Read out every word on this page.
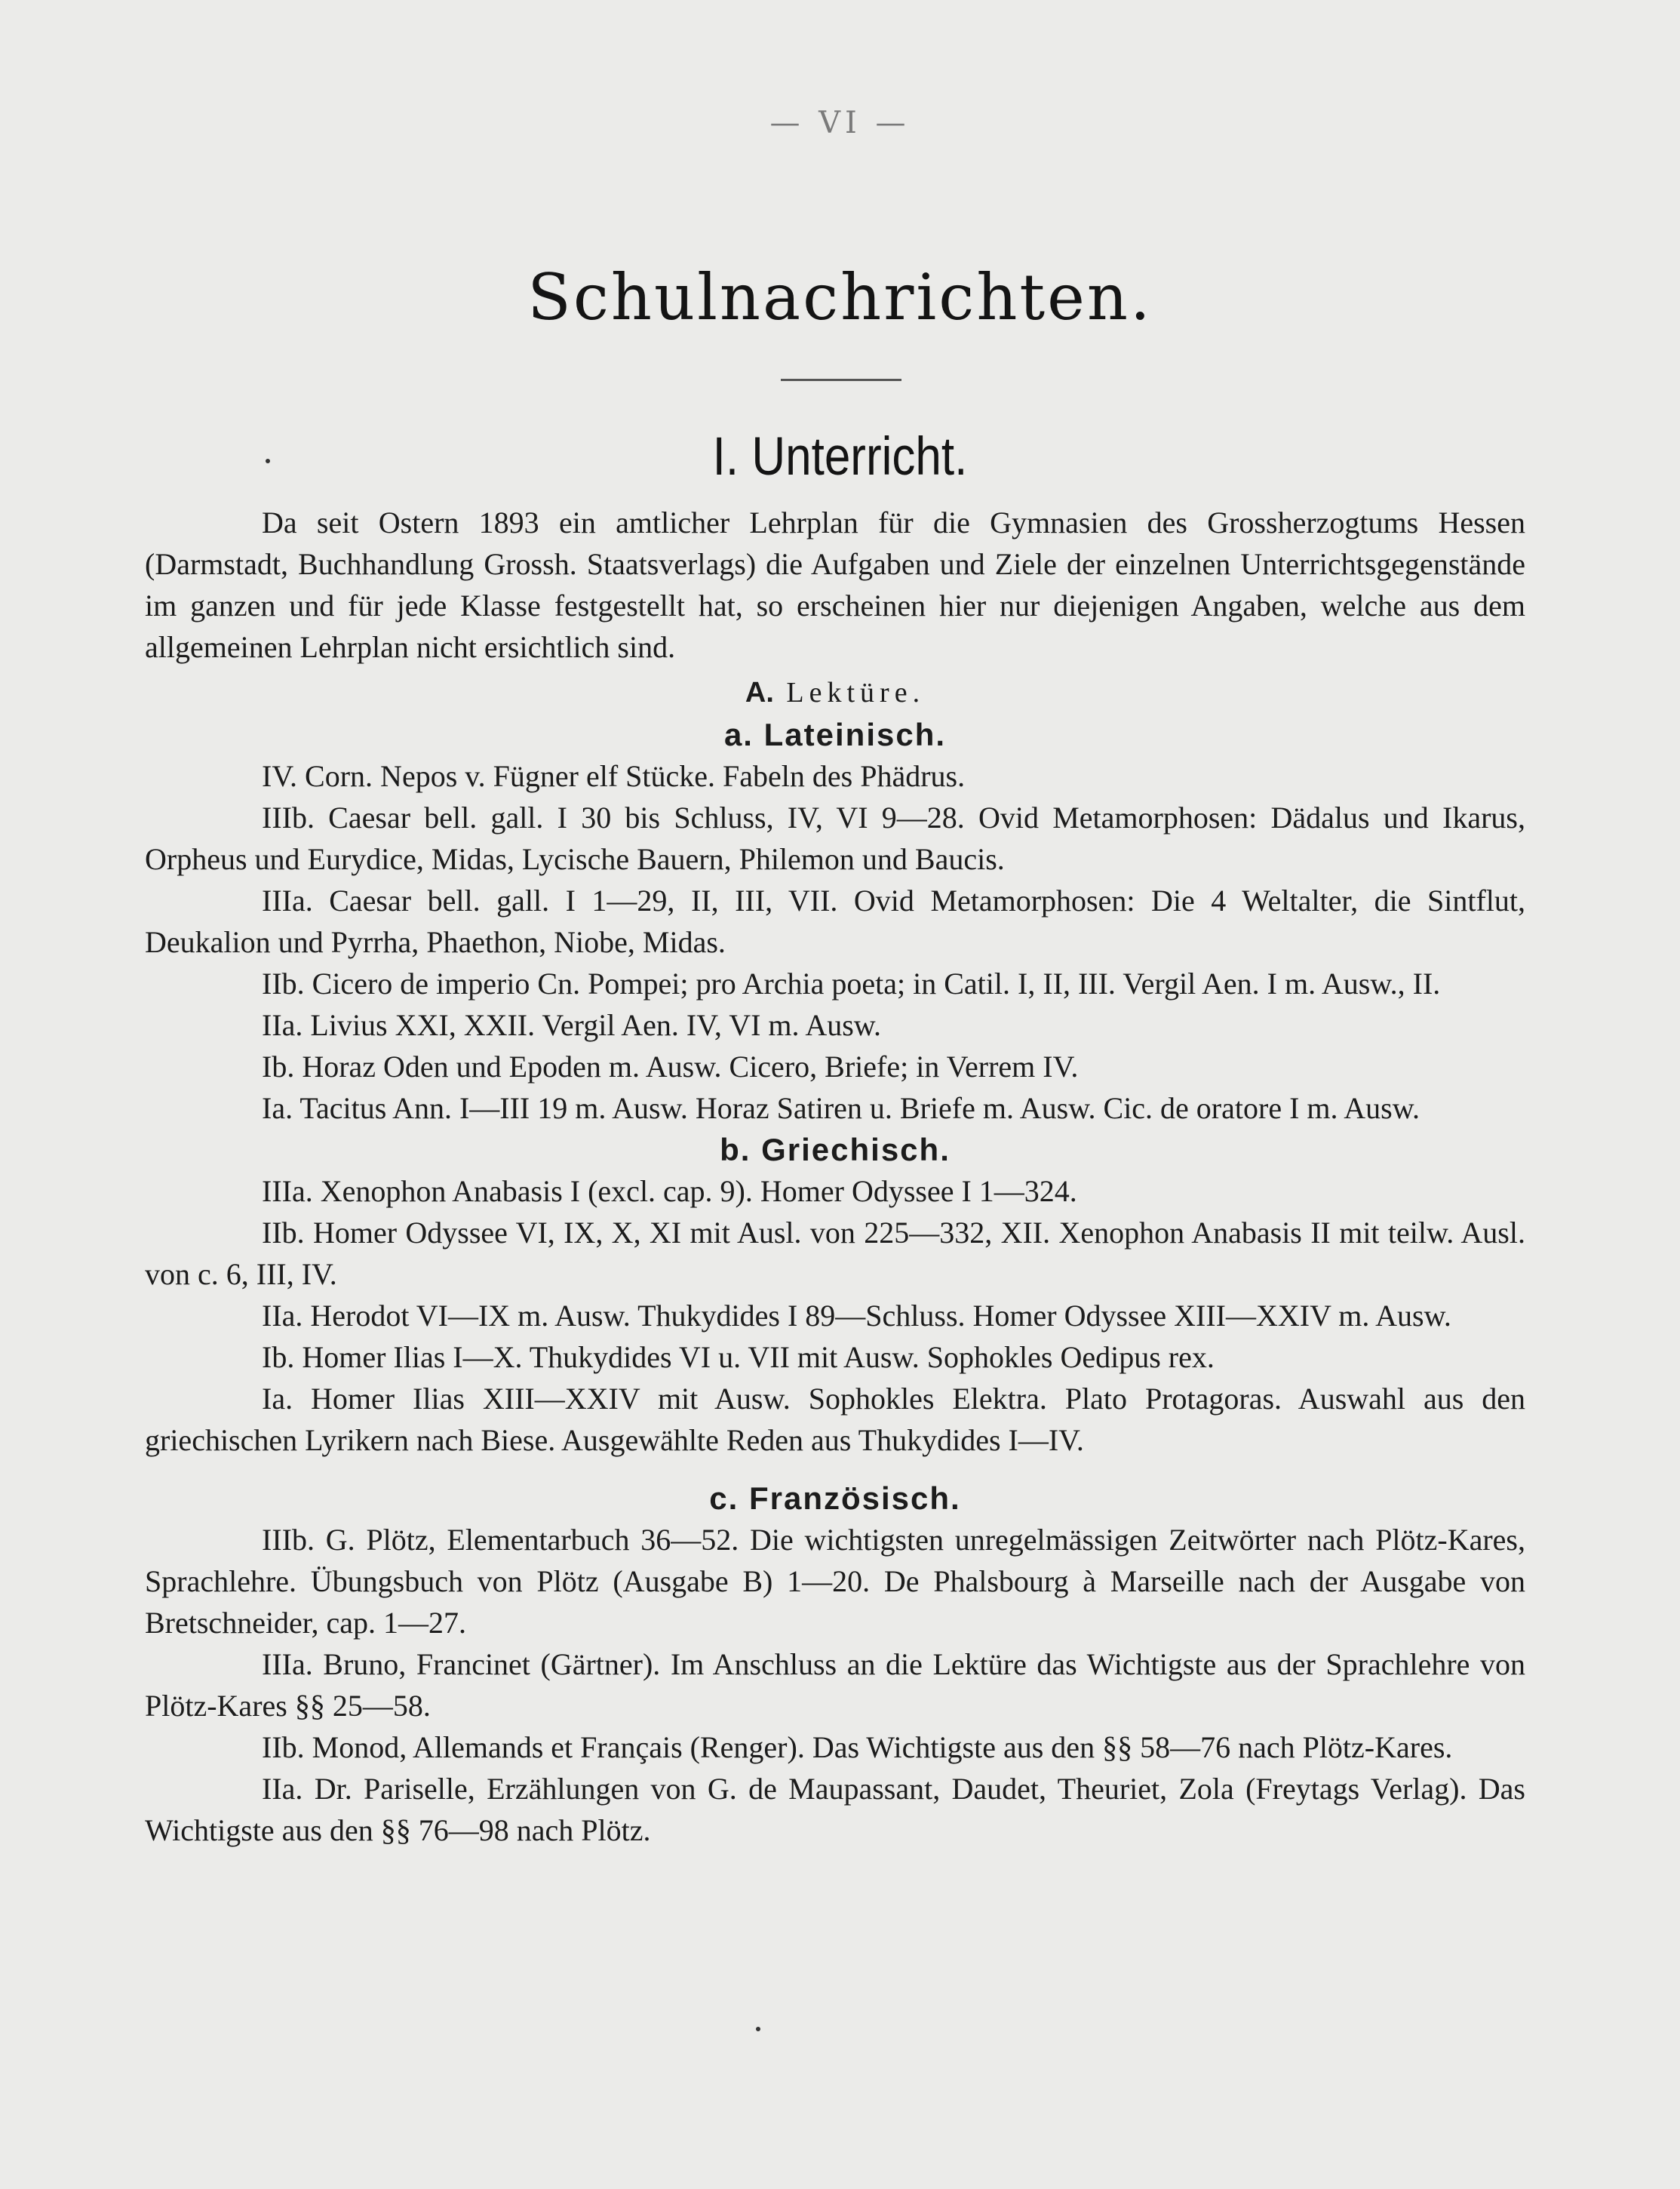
— VI —
Schulnachrichten.
I. Unterricht.

Da seit Ostern 1893 ein amtlicher Lehrplan für die Gymnasien des Grossherzogtums Hessen (Darmstadt, Buchhandlung Grossh. Staatsverlags) die Aufgaben und Ziele der einzelnen Unterrichtsgegenstände im ganzen und für jede Klasse festgestellt hat, so erscheinen hier nur diejenigen Angaben, welche aus dem allgemeinen Lehrplan nicht ersichtlich sind.

A. Lektüre.
a. Lateinisch.

IV. Corn. Nepos v. Fügner elf Stücke. Fabeln des Phädrus.

IIIb. Caesar bell. gall. I 30 bis Schluss, IV, VI 9—28. Ovid Metamorphosen: Dädalus und Ikarus, Orpheus und Eurydice, Midas, Lycische Bauern, Philemon und Baucis.

IIIa. Caesar bell. gall. I 1—29, II, III, VII. Ovid Metamorphosen: Die 4 Weltalter, die Sintflut, Deukalion und Pyrrha, Phaethon, Niobe, Midas.

IIb. Cicero de imperio Cn. Pompei; pro Archia poeta; in Catil. I, II, III. Vergil Aen. I m. Ausw., II.

IIa. Livius XXI, XXII. Vergil Aen. IV, VI m. Ausw.

Ib. Horaz Oden und Epoden m. Ausw. Cicero, Briefe; in Verrem IV.

Ia. Tacitus Ann. I—III 19 m. Ausw. Horaz Satiren u. Briefe m. Ausw. Cic. de oratore I m. Ausw.

b. Griechisch.

IIIa. Xenophon Anabasis I (excl. cap. 9). Homer Odyssee I 1—324.

IIb. Homer Odyssee VI, IX, X, XI mit Ausl. von 225—332, XII. Xenophon Anabasis II mit teilw. Ausl. von c. 6, III, IV.

IIa. Herodot VI—IX m. Ausw. Thukydides I 89—Schluss. Homer Odyssee XIII—XXIV m. Ausw.

Ib. Homer Ilias I—X. Thukydides VI u. VII mit Ausw. Sophokles Oedipus rex.

Ia. Homer Ilias XIII—XXIV mit Ausw. Sophokles Elektra. Plato Protagoras. Auswahl aus den griechischen Lyrikern nach Biese. Ausgewählte Reden aus Thukydides I—IV.

c. Französisch.

IIIb. G. Plötz, Elementarbuch 36—52. Die wichtigsten unregelmässigen Zeitwörter nach Plötz-Kares, Sprachlehre. Übungsbuch von Plötz (Ausgabe B) 1—20. De Phalsbourg à Marseille nach der Ausgabe von Bretschneider, cap. 1—27.

IIIa. Bruno, Francinet (Gärtner). Im Anschluss an die Lektüre das Wichtigste aus der Sprachlehre von Plötz-Kares §§ 25—58.

IIb. Monod, Allemands et Français (Renger). Das Wichtigste aus den §§ 58—76 nach Plötz-Kares.

IIa. Dr. Pariselle, Erzählungen von G. de Maupassant, Daudet, Theuriet, Zola (Freytags Verlag). Das Wichtigste aus den §§ 76—98 nach Plötz.
